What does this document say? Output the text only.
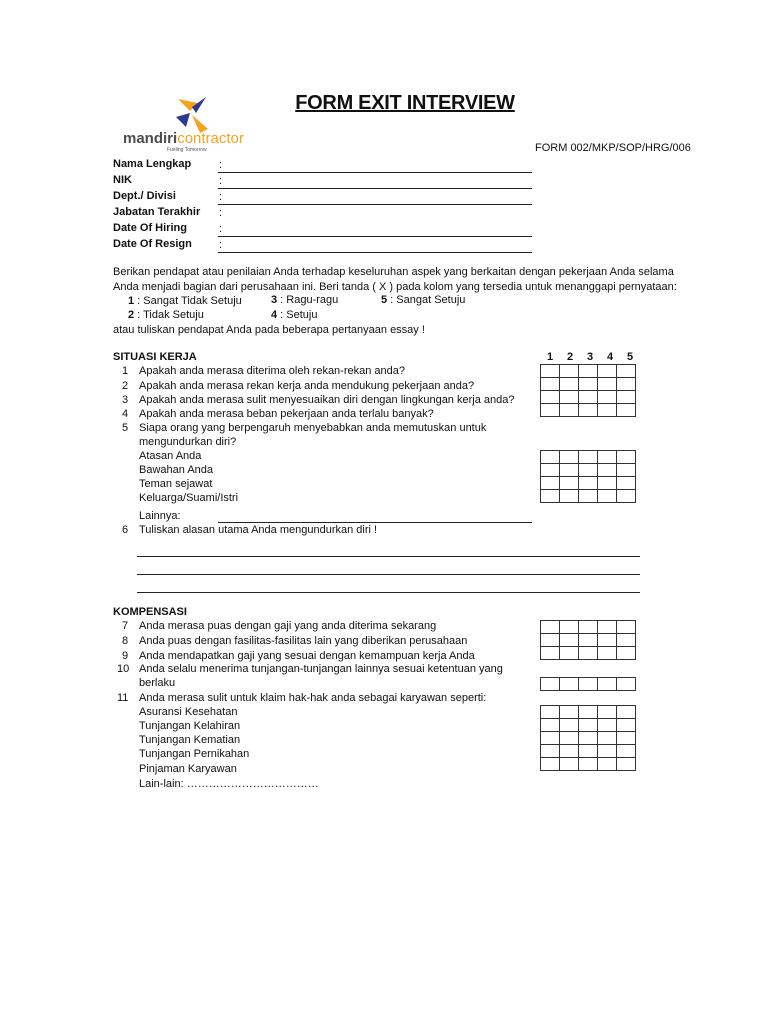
mandiricontractor
Fueling Tomorrow
FORM EXIT INTERVIEW
FORM 002/MKP/SOP/HRG/006
Berikan pendapat atau penilaian Anda terhadap keseluruhan aspek yang berkaitan dengan pekerjaan Anda selama
Anda menjadi bagian dari perusahaan ini. Beri tanda ( X ) pada kolom yang tersedia untuk menanggapi pernyataan:
1 : Sangat Tidak Setuju
2 : Tidak Setuju
3 : Ragu-ragu
4 : Setuju
5 : Sangat Setuju
atau tuliskan pendapat Anda pada beberapa pertanyaan essay !
SITUASI KERJA
Nama Lengkap	:
NIK	:
Dept./ Divisi	:
Jabatan Terakhir :
Date Of Hiring	:
Date Of Resign :
1 2 3 4 5
1 Apakah anda merasa diterima oleh rekan-rekan anda?
2 Apakah anda merasa rekan kerja anda mendukung pekerjaan anda?
3 Apakah anda merasa sulit menyesuaikan diri dengan lingkungan kerja anda?
4 Apakah anda merasa beban pekerjaan anda terlalu banyak?
5 Siapa orang yang berpengaruh menyebabkan anda memutuskan untuk
mengundurkan diri?
Atasan Anda
Bawahan Anda
Teman sejawat
Keluarga/Suami/Istri
Lainnya:
6 Tuliskan alasan utama Anda mengundurkan diri !

KOMPENSASI
7 Anda merasa puas dengan gaji yang anda diterima sekarang
8 Anda puas dengan fasilitas-fasilitas lain yang diberikan perusahaan
9 Anda mendapatkan gaji yang sesuai dengan kemampuan kerja Anda
10 Anda selalu menerima tunjangan-tunjangan lainnya sesuai ketentuan yang
berlaku
11 Anda merasa sulit untuk klaim hak-hak anda sebagai karyawan seperti:
Asuransi Kesehatan
Tunjangan Kelahiran
Tunjangan Kematian
Tunjangan Pernikahan
Pinjaman Karyawan
Lain-lain: ………………………………
